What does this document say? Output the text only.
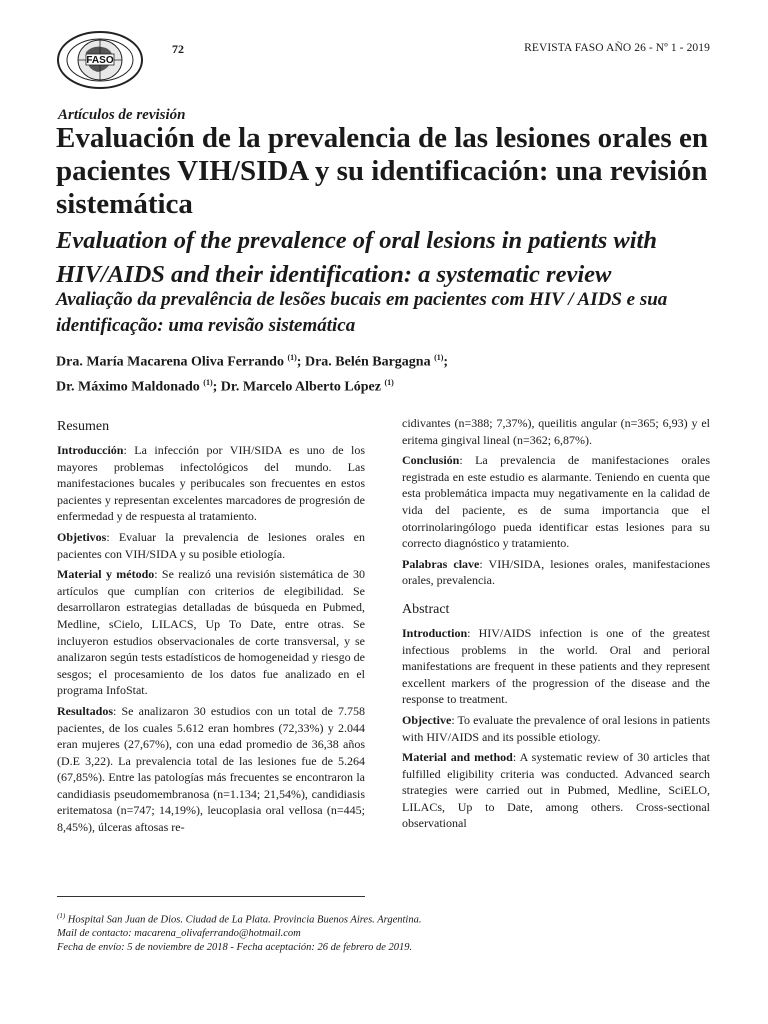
FASO
72	REVISTA FASO AÑO 26 - Nº 1 - 2019
Artículos de revisión
Evaluación de la prevalencia de las lesiones orales en pacientes VIH/SIDA y su identificación: una revisión sistemática
Evaluation of the prevalence of oral lesions in patients with HIV/AIDS and their identification: a systematic review
Avaliação da prevalência de lesões bucais em pacientes com HIV / AIDS e sua identificação: uma revisão sistemática
Dra. María Macarena Oliva Ferrando $^{(1)}$; Dra. Belén Bargagna $^{(1)}$;
Dr. Máximo Maldonado $^{(1)}$; Dr. Marcelo Alberto López $^{(1)}$
Resumen

Introducción: La infección por VIH/SIDA es uno de los mayores problemas infectológicos del mundo. Las manifestaciones bucales y peribucales son frecuentes en estos pacientes y representan excelentes marcadores de progresión de enfermedad y de respuesta al tratamiento.

Objetivos: Evaluar la prevalencia de lesiones orales en pacientes con VIH/SIDA y su posible etiología.

Material y método: Se realizó una revisión sistemática de 30 artículos que cumplían con criterios de elegibilidad. Se desarrollaron estrategias detalladas de búsqueda en Pubmed, Medline, sCielo, LILACS, Up To Date, entre otras. Se incluyeron estudios observacionales de corte transversal, y se analizaron según tests estadísticos de homogeneidad y riesgo de sesgos; el procesamiento de los datos fue analizado en el programa InfoStat.

Resultados: Se analizaron 30 estudios con un total de 7.758 pacientes, de los cuales 5.612 eran hombres (72,33%) y 2.044 eran mujeres (27,67%), con una edad promedio de 36,38 años (D.E 3,22). La prevalencia total de las lesiones fue de 5.264 (67,85%). Entre las patologías más frecuentes se encontraron la candidiasis pseudomembranosa (n=1.134; 21,54%), candidiasis eritematosa (n=747; 14,19%), leucoplasia oral vellosa (n=445; 8,45%), úlceras aftosas re-

cidivantes (n=388; 7,37%), queilitis angular (n=365; 6,93) y el eritema gingival lineal (n=362; 6,87%).

Conclusión: La prevalencia de manifestaciones orales registrada en este estudio es alarmante. Teniendo en cuenta que esta problemática impacta muy negativamente en la calidad de vida del paciente, es de suma importancia que el otorrinolaringólogo pueda identificar estas lesiones para su correcto diagnóstico y tratamiento.

Palabras clave: VIH/SIDA, lesiones orales, manifestaciones orales, prevalencia.

Abstract

Introduction: HIV/AIDS infection is one of the greatest infectious problems in the world. Oral and perioral manifestations are frequent in these patients and they represent excellent markers of the progression of the disease and the response to treatment.

Objective: To evaluate the prevalence of oral lesions in patients with HIV/AIDS and its possible etiology.

Material and method: A systematic review of 30 articles that fulfilled eligibility criteria was conducted. Advanced search strategies were carried out in Pubmed, Medline, SciELO, LILACs, Up to Date, among others. Cross-sectional observational

$^{(1)}$ Hospital San Juan de Dios. Ciudad de La Plata. Provincia Buenos Aires. Argentina.
Mail de contacto: macarena_olivaferrando@hotmail.com
Fecha de envío: 5 de noviembre de 2018 - Fecha aceptación: 26 de febrero de 2019.
